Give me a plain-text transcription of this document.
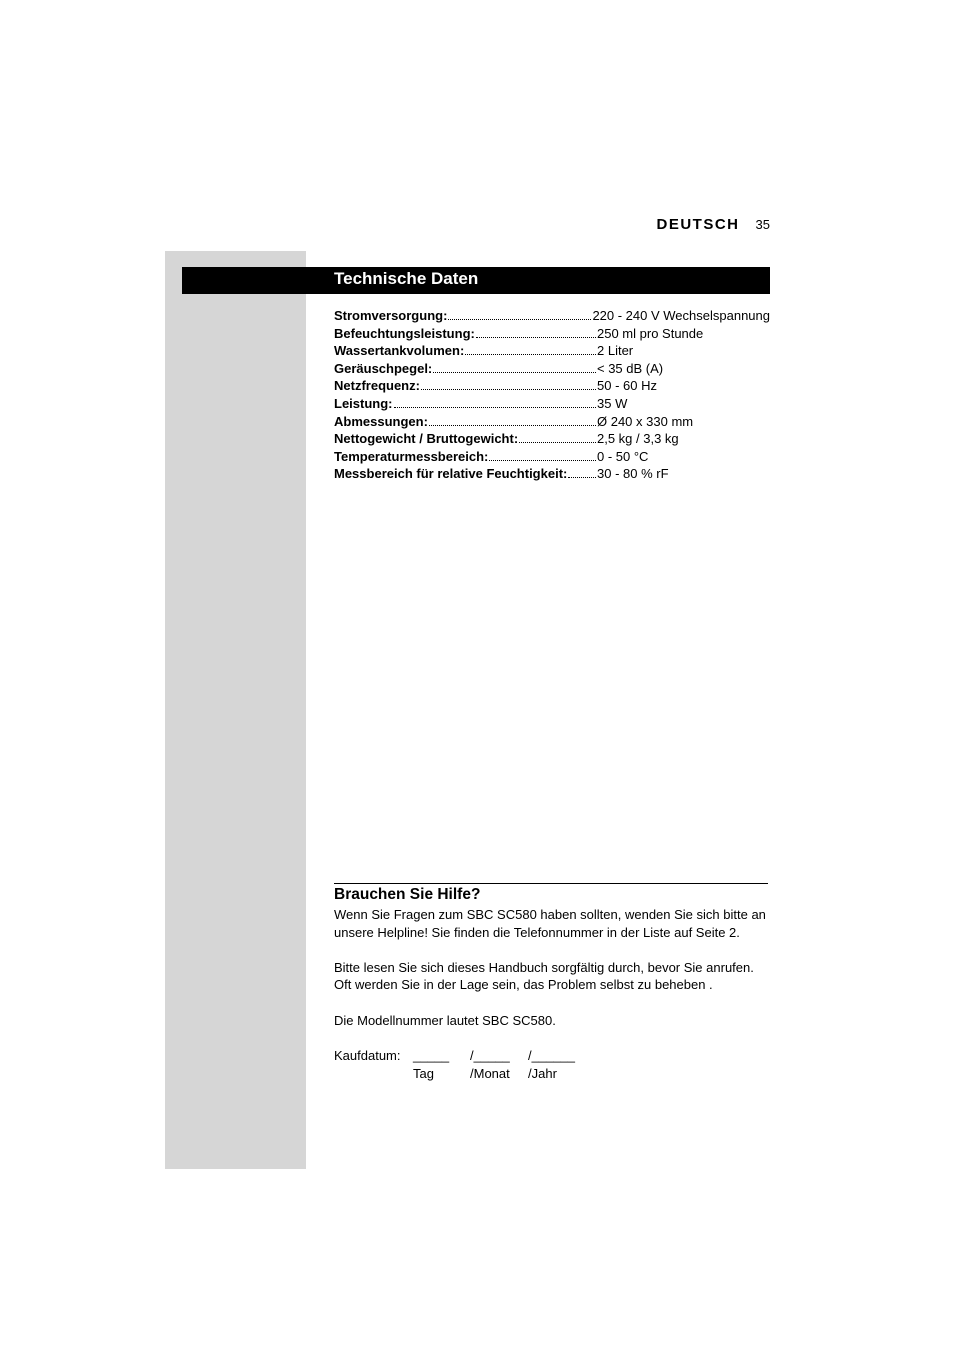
DEUTSCH 35
Technische Daten
Stromversorgung:	220 - 240 V Wechselspannung
Befeuchtungsleistung:	250 ml pro Stunde
Wassertankvolumen:	2 Liter
Geräuschpegel:	< 35 dB (A)
Netzfrequenz:	50 - 60 Hz
Leistung:	35 W
Abmessungen:	Ø 240 x 330 mm
Nettogewicht / Bruttogewicht:	2,5 kg / 3,3 kg
Temperaturmessbereich:	0 - 50 °C
Messbereich für relative Feuchtigkeit: 30 - 80 % rF
Brauchen Sie Hilfe?

Wenn Sie Fragen zum SBC SC580 haben sollten, wenden Sie sich bitte an
unsere Helpline! Sie finden die Telefonnummer in der Liste auf Seite 2.

Bitte lesen Sie sich dieses Handbuch sorgfältig durch, bevor Sie anrufen.
Oft werden Sie in der Lage sein, das Problem selbst zu beheben .

Die Modellnummer lautet SBC SC580.

Kaufdatum: _____	/_____	/______
Tag	/Monat	/Jahr
